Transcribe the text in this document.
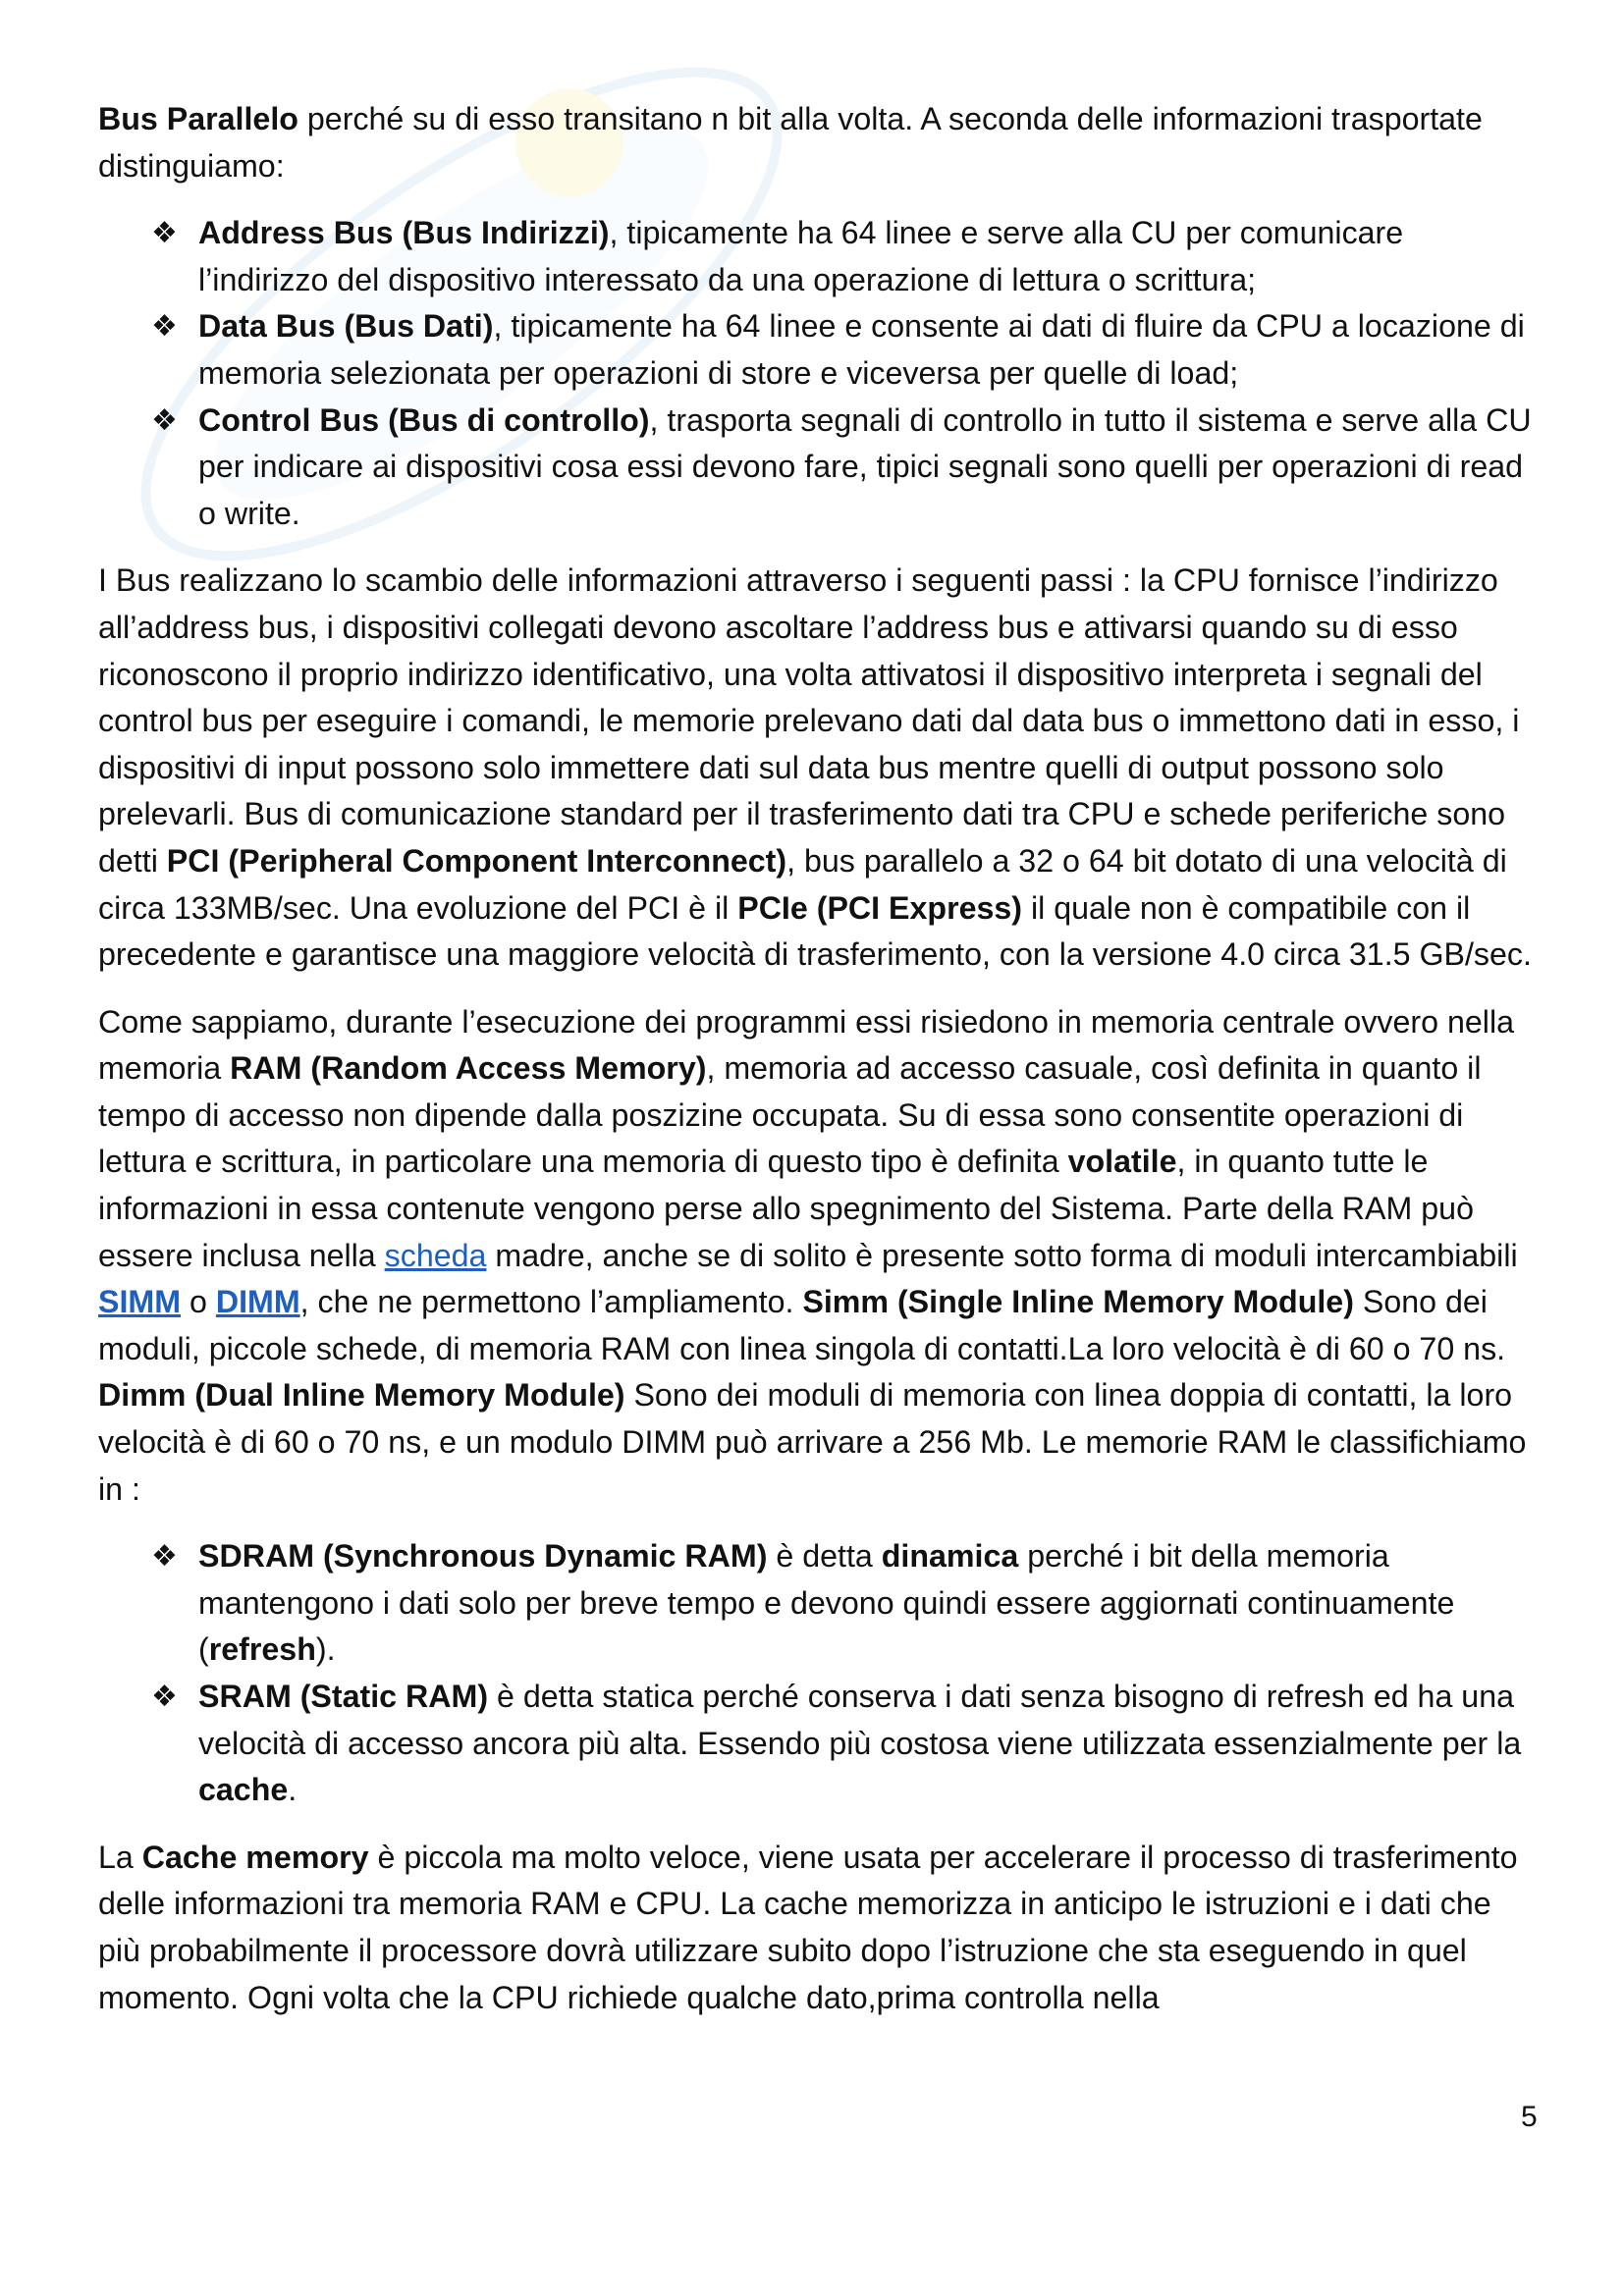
Bus Parallelo perché su di esso transitano n bit alla volta. A seconda delle informazioni trasportate distinguiamo:

❖ Address Bus (Bus Indirizzi), tipicamente ha 64 linee e serve alla CU per comunicare l’indirizzo del dispositivo interessato da una operazione di lettura o scrittura;
❖ Data Bus (Bus Dati), tipicamente ha 64 linee e consente ai dati di fluire da CPU a locazione di memoria selezionata per operazioni di store e viceversa per quelle di load;
❖ Control Bus (Bus di controllo), trasporta segnali di controllo in tutto il sistema e serve alla CU per indicare ai dispositivi cosa essi devono fare, tipici segnali sono quelli per operazioni di read o write.

I Bus realizzano lo scambio delle informazioni attraverso i seguenti passi : la CPU fornisce l’indirizzo all’address bus, i dispositivi collegati devono ascoltare l’address bus e attivarsi quando su di esso riconoscono il proprio indirizzo identificativo, una volta attivatosi il dispositivo interpreta i segnali del control bus per eseguire i comandi, le memorie prelevano dati dal data bus o immettono dati in esso, i dispositivi di input possono solo immettere dati sul data bus mentre quelli di output possono solo prelevarli. Bus di comunicazione standard per il trasferimento dati tra CPU e schede periferiche sono detti PCI (Peripheral Component Interconnect), bus parallelo a 32 o 64 bit dotato di una velocità di circa 133MB/sec. Una evoluzione del PCI è il PCIe (PCI Express) il quale non è compatibile con il precedente e garantisce una maggiore velocità di trasferimento, con la versione 4.0 circa 31.5 GB/sec.

Come sappiamo, durante l’esecuzione dei programmi essi risiedono in memoria centrale ovvero nella memoria RAM (Random Access Memory), memoria ad accesso casuale, così definita in quanto il tempo di accesso non dipende dalla poszizine occupata. Su di essa sono consentite operazioni di lettura e scrittura, in particolare una memoria di questo tipo è definita volatile, in quanto tutte le informazioni in essa contenute vengono perse allo spegnimento del Sistema. Parte della RAM può essere inclusa nella scheda madre, anche se di solito è presente sotto forma di moduli intercambiabili SIMM o DIMM, che ne permettono l’ampliamento. Simm (Single Inline Memory Module) Sono dei moduli, piccole schede, di memoria RAM con linea singola di contatti.La loro velocità è di 60 o 70 ns. Dimm (Dual Inline Memory Module) Sono dei moduli di memoria con linea doppia di contatti, la loro velocità è di 60 o 70 ns, e un modulo DIMM può arrivare a 256 Mb. Le memorie RAM le classifichiamo in :

❖ SDRAM (Synchronous Dynamic RAM) è detta dinamica perché i bit della memoria mantengono i dati solo per breve tempo e devono quindi essere aggiornati continuamente (refresh).
❖ SRAM (Static RAM) è detta statica perché conserva i dati senza bisogno di refresh ed ha una velocità di accesso ancora più alta. Essendo più costosa viene utilizzata essenzialmente per la cache.

La Cache memory è piccola ma molto veloce, viene usata per accelerare il processo di trasferimento delle informazioni tra memoria RAM e CPU. La cache memorizza in anticipo le istruzioni e i dati che più probabilmente il processore dovrà utilizzare subito dopo l’istruzione che sta eseguendo in quel momento. Ogni volta che la CPU richiede qualche dato,prima controlla nella

5
